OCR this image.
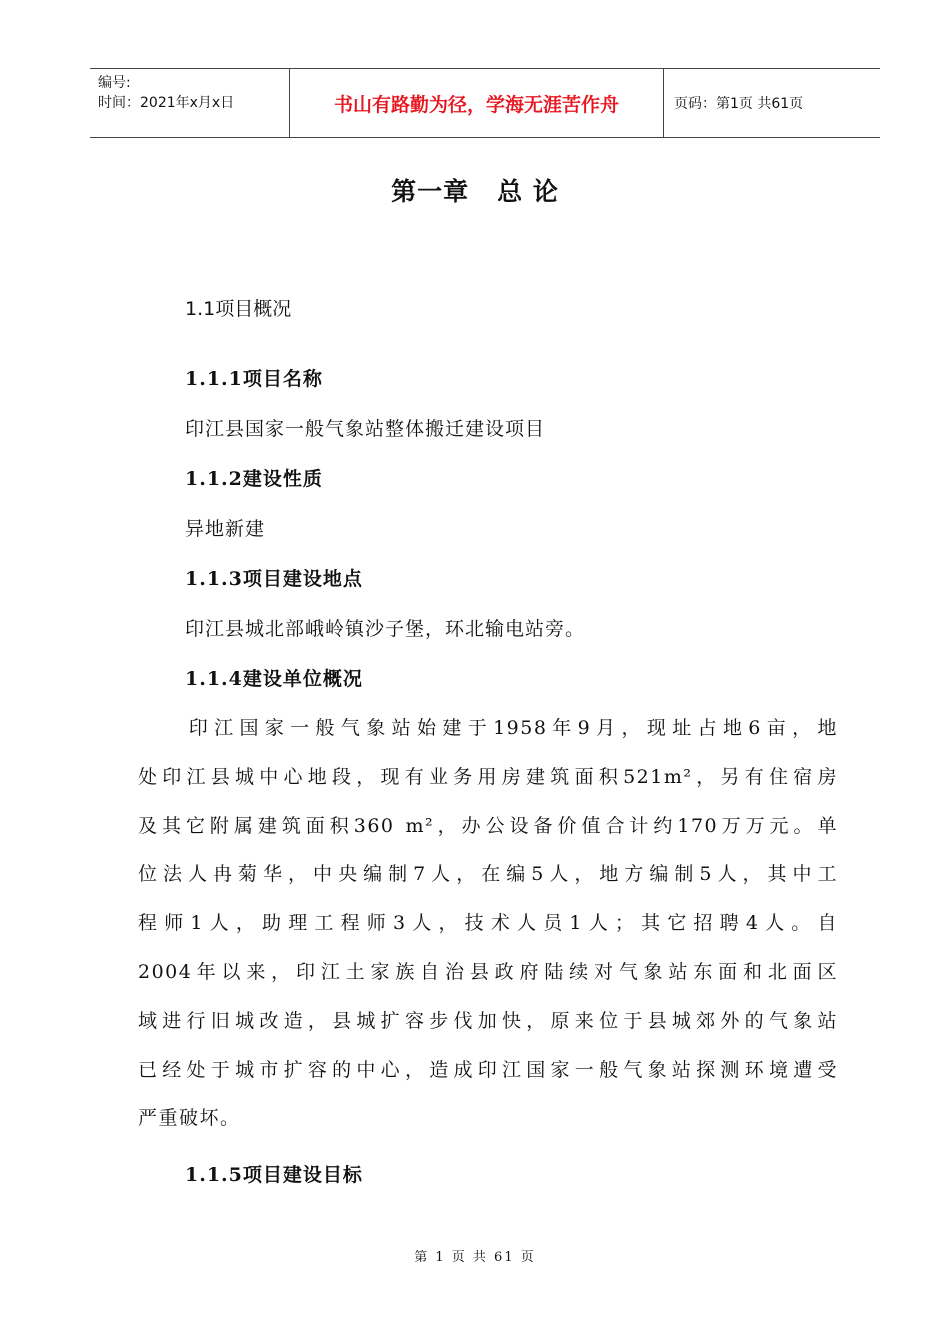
编号:
时间：2021年x月x日	书山有路勤为径，学海无涯苦作舟	页码：第1页 共61页
第一章 总 论
1.1项目概况
1.1.1项目名称
印江县国家一般气象站整体搬迁建设项目
1.1.2建设性质
异地新建
1.1.3项目建设地点
印江县城北部峨岭镇沙子堡，环北输电站旁。
1.1.4建设单位概况
　　印江国家一般气象站始建于1958年9月，现址占地6亩，地
处印江县城中心地段，现有业务用房建筑面积521m²，另有住宿房
及其它附属建筑面积360 m²，办公设备价值合计约170万万元。单
位法人冉菊华，中央编制7人，在编5人，地方编制5人，其中工
程师1人，助理工程师3人，技术人员1人；其它招聘4人。自
2004年以来，印江土家族自治县政府陆续对气象站东面和北面区
域进行旧城改造，县城扩容步伐加快，原来位于县城郊外的气象站
已经处于城市扩容的中心，造成印江国家一般气象站探测环境遭受
严重破坏。
1.1.5项目建设目标
第 1 页 共 61 页
